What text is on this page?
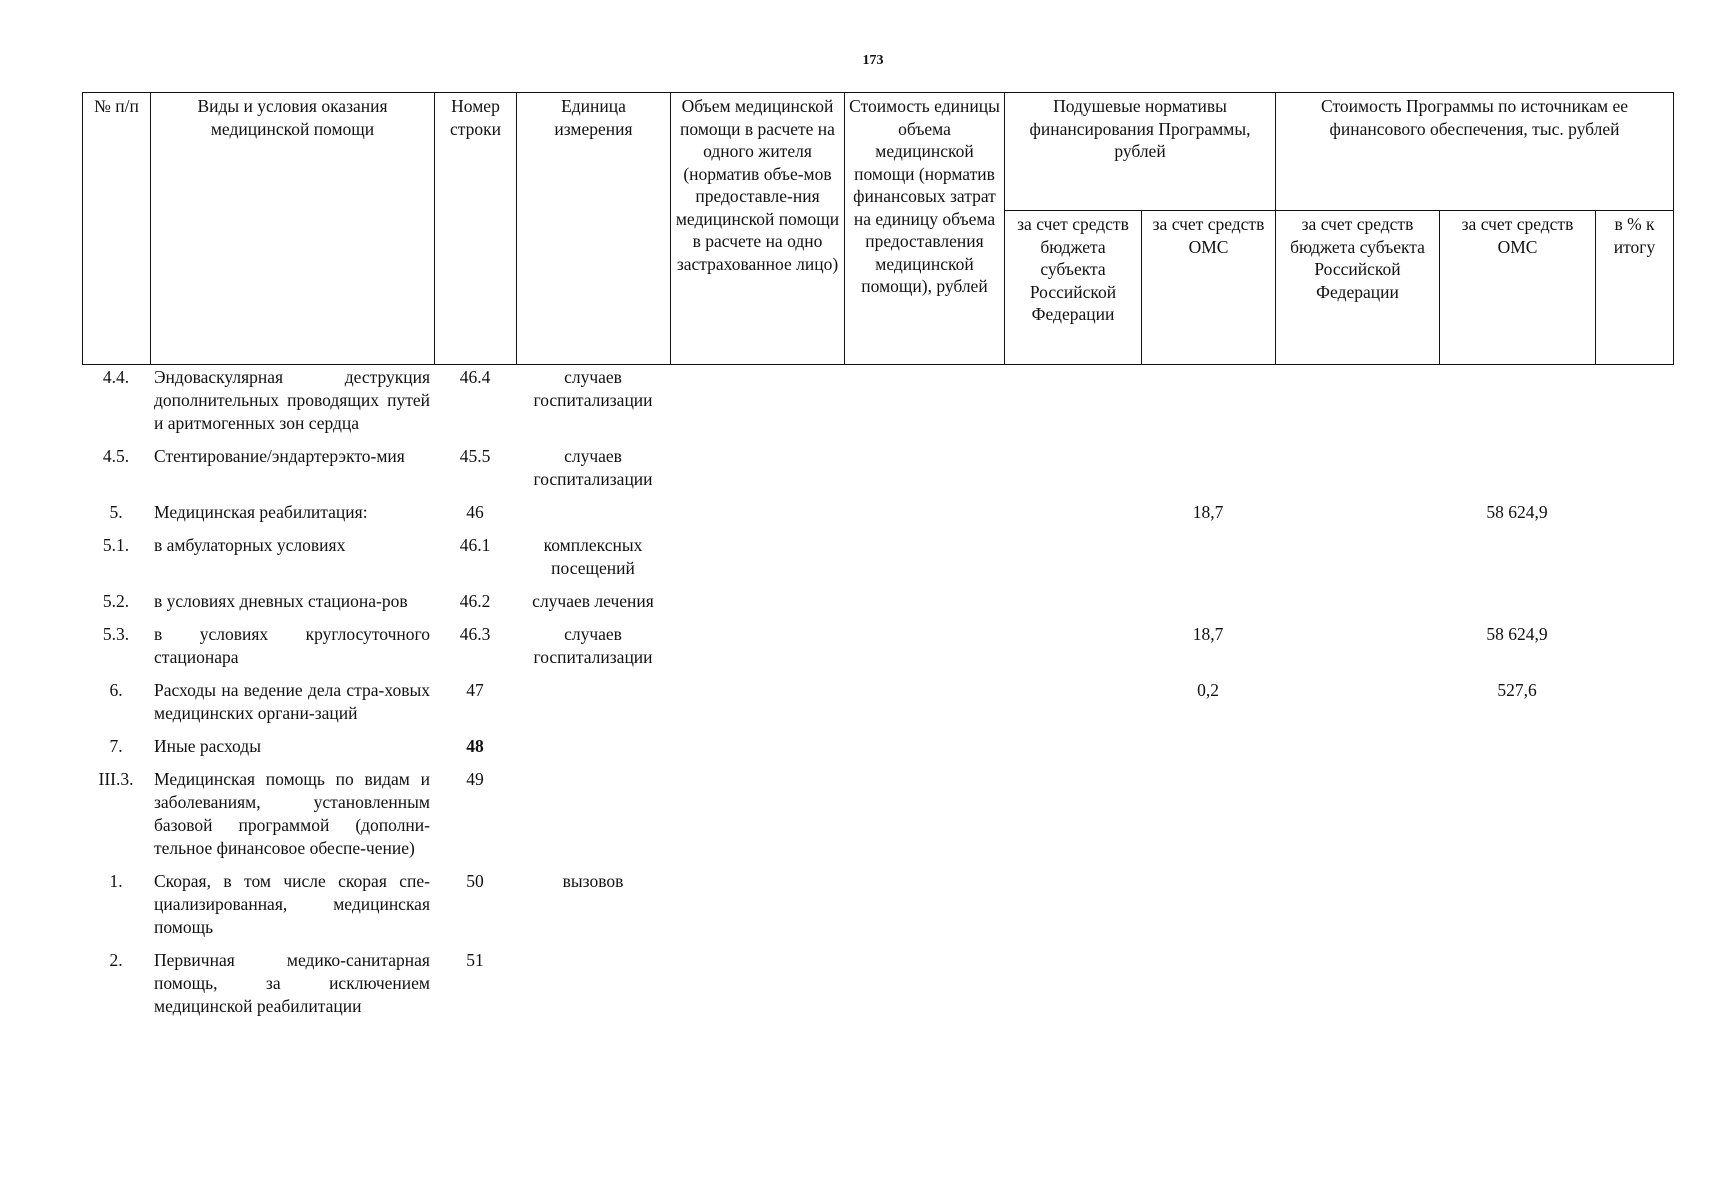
173
№ п/п	Виды и условия оказания медицинской помощи	Номер строки	Единица измерения	Объем медицинской помощи в расчете на одного жителя (норматив объе-мов предоставле-ния медицинской помощи в расчете на одно застрахованное лицо)	Стоимость единицы объема медицинской помощи (норматив финансовых затрат на единицу объема предоставления медицинской помощи), рублей	Подушевые нормативы финансирования Программы, рублей		Стоимость Программы по источникам ее финансового обеспечения, тыс. рублей		
						за счет средств бюджета субъекта Российской Федерации	за счет средств ОМС	за счет средств бюджета субъекта Российской Федерации	за счет средств ОМС	в % к итогу
4.4.	Эндоваскулярная деструкция дополнительных проводящих путей и аритмогенных зон сердца	46.4	случаев госпитализации							
4.5.	Стентирование/эндартерэкто-мия	45.5	случаев госпитализации							
5.	Медицинская реабилитация:	46					18,7		58 624,9	
5.1.	в амбулаторных условиях	46.1	комплексных посещений							
5.2.	в условиях дневных стациона-ров	46.2	случаев лечения							
5.3.	в условиях круглосуточного стационара	46.3	случаев госпитализации				18,7		58 624,9	
6.	Расходы на ведение дела стра-ховых медицинских органи-заций	47					0,2		527,6	
7.	Иные расходы	48								
III.3.	Медицинская помощь по видам и заболеваниям, установленным базовой программой (дополни-тельное финансовое обеспе-чение)	49								
1.	Скорая, в том числе скорая спе-циализированная, медицинская помощь	50	вызовов							
2.	Первичная медико-санитарная помощь, за исключением медицинской реабилитации	51								
